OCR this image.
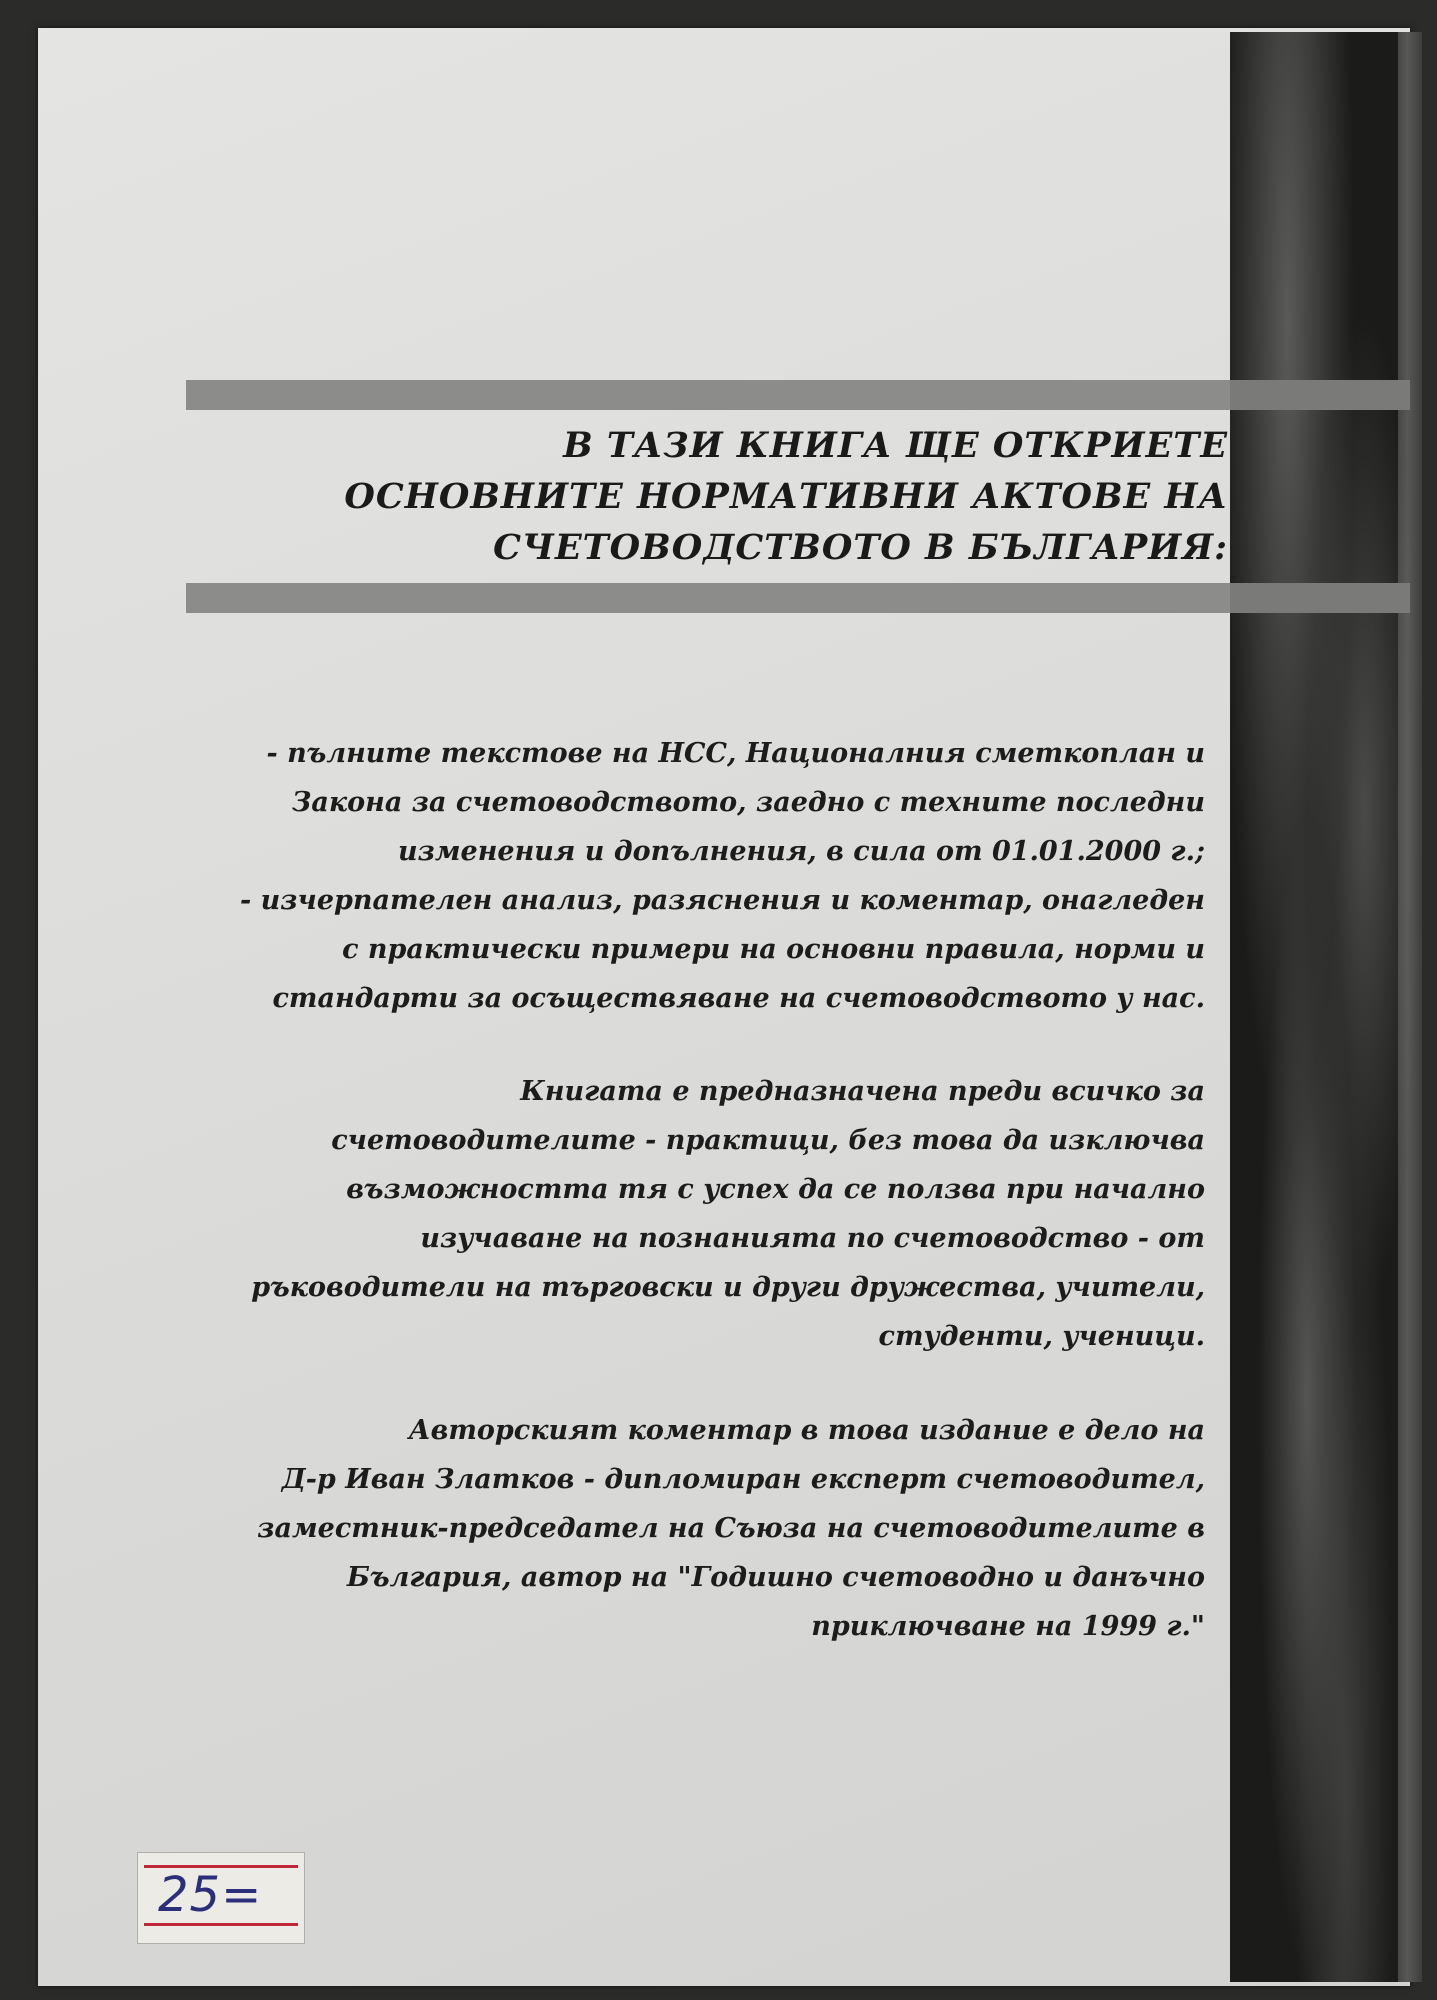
В ТАЗИ КНИГА ЩЕ ОТКРИЕТЕ
ОСНОВНИТЕ НОРМАТИВНИ АКТОВЕ НА
СЧЕТОВОДСТВОТО В БЪЛГАРИЯ:
- пълните текстове на НСС, Националния сметкоплан и
Закона за счетоводството, заедно с техните последни
изменения и допълнения, в сила от 01.01.2000 г.;
- изчерпателен анализ, разяснения и коментар, онагледен
с практически примери на основни правила, норми и
стандарти за осъществяване на счетоводството у нас.
Книгата е предназначена преди всичко за
счетоводителите - практици, без това да изключва
възможността тя с успех да се ползва при начално
изучаване на познанията по счетоводство - от
ръководители на търговски и други дружества, учители,
студенти, ученици.
Авторският коментар в това издание е дело на
Д-р Иван Златков - дипломиран експерт счетоводител,
заместник-председател на Съюза на счетоводителите в
България, автор на "Годишно счетоводно и данъчно
приключване на 1999 г."
25=
